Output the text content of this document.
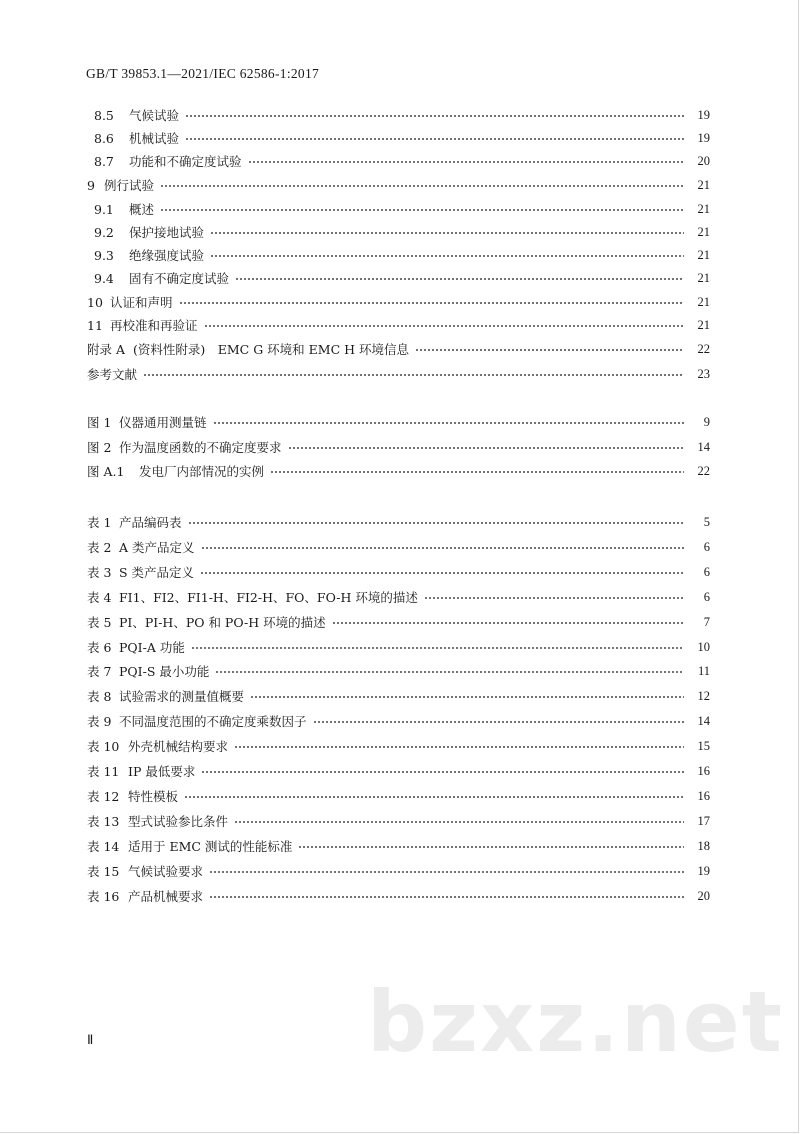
GB/T 39853.1—2021/IEC 62586-1:2017
8.5 气候试验	19
8.6 机械试验	19
8.7 功能和不确定度试验	20
9 例行试验	21
9.1 概述	21
9.2 保护接地试验	21
9.3 绝缘强度试验	21
9.4 固有不确定度试验	21
10 认证和声明	21
11 再校准和再验证	21
附录 A (资料性附录)　EMC G 环境和 EMC H 环境信息	22
参考文献	23
图 1 仪器通用测量链	9
图 2 作为温度函数的不确定度要求	14
图 A.1 发电厂内部情况的实例	22
表 1 产品编码表	5
表 2 A 类产品定义	6
表 3 S 类产品定义	6
表 4 FI1、FI2、FI1-H、FI2-H、FO、FO-H 环境的描述	6
表 5 PI、PI-H、PO 和 PO-H 环境的描述	7
表 6 PQI-A 功能	10
表 7 PQI-S 最小功能	11
表 8 试验需求的测量值概要	12
表 9 不同温度范围的不确定度乘数因子	14
表 10 外壳机械结构要求	15
表 11 IP 最低要求	16
表 12 特性模板	16
表 13 型式试验参比条件	17
表 14 适用于 EMC 测试的性能标准	18
表 15 气候试验要求	19
表 16 产品机械要求	20
Ⅱ	bzxz.net
